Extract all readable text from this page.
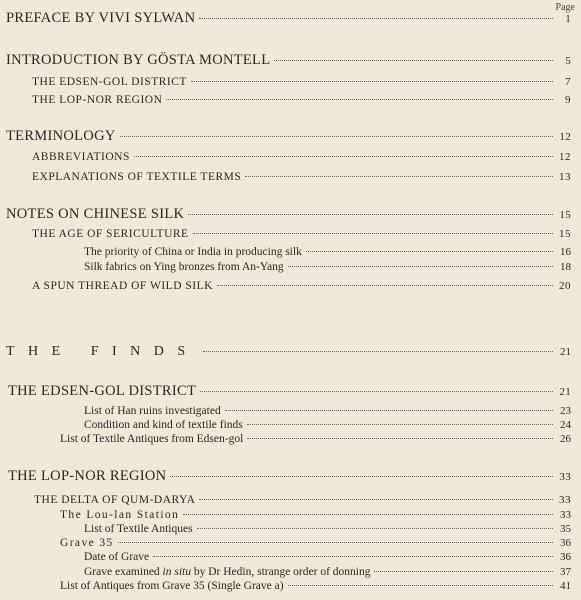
Page
PREFACE BY VIVI SYLWAN	1
INTRODUCTION BY GÖSTA MONTELL	5
THE EDSEN-GOL DISTRICT	7
THE LOP-NOR REGION	9
TERMINOLOGY	12
ABBREVIATIONS	12
EXPLANATIONS OF TEXTILE TERMS	13
NOTES ON CHINESE SILK	15
THE AGE OF SERICULTURE	15
The priority of China or India in producing silk	16
Silk fabrics on Ying bronzes from An-Yang	18
A SPUN THREAD OF WILD SILK	20
THE FINDS	21
THE EDSEN-GOL DISTRICT	21
List of Han ruins investigated	23
Condition and kind of textile finds	24
List of Textile Antiques from Edsen-gol	26
THE LOP-NOR REGION	33
THE DELTA OF QUM-DARYA	33
The Lou-lan Station	33
List of Textile Antiques	35
Grave 35	36
Date of Grave	36
Grave examined in situ by Dr Hedin, strange order of donning	37
List of Antiques from Grave 35 (Single Grave a)	41
